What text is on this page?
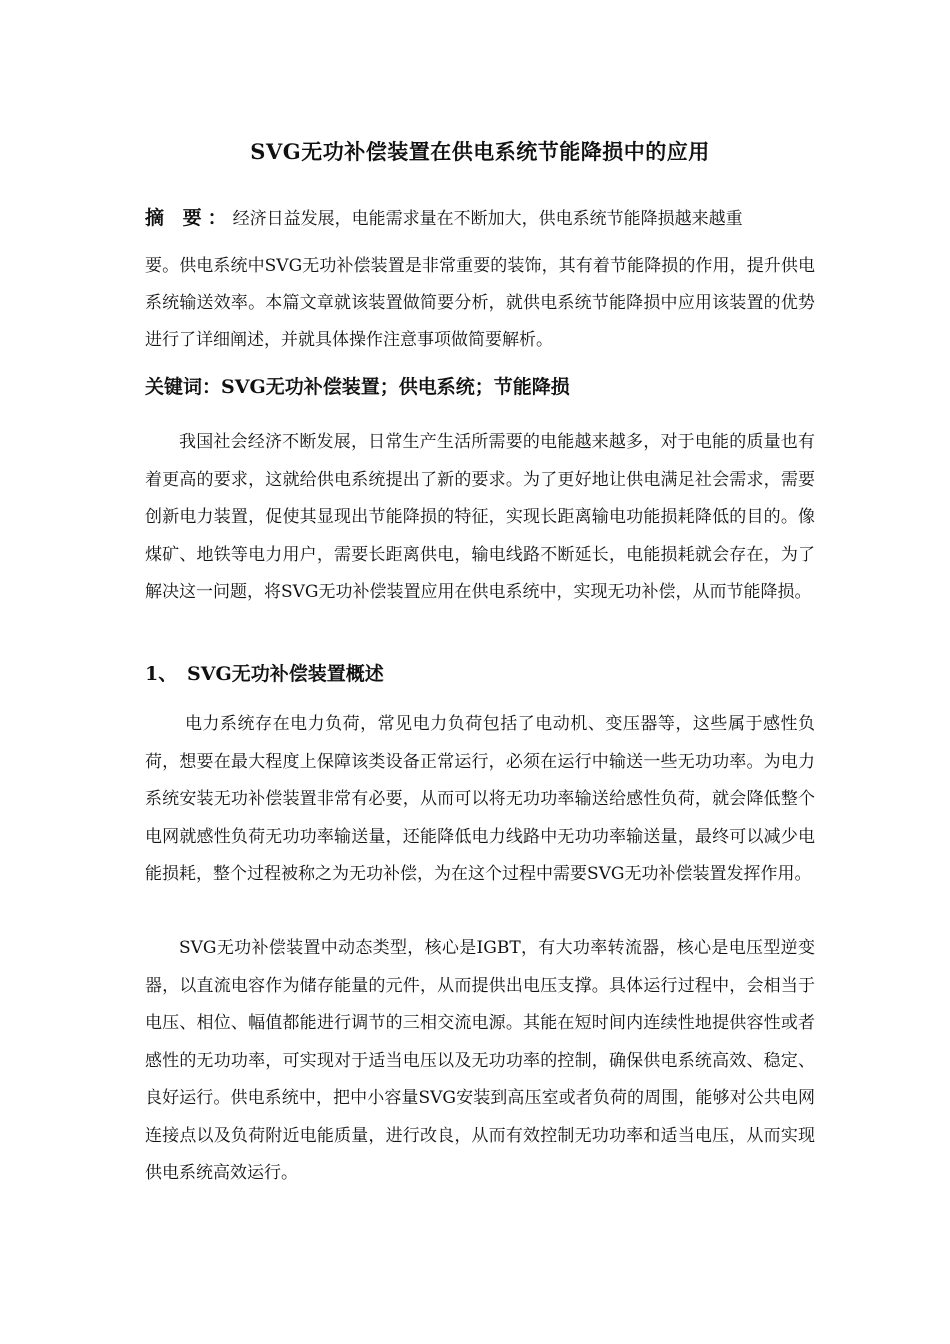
SVG无功补偿装置在供电系统节能降损中的应用
摘 要：经济日益发展，电能需求量在不断加大，供电系统节能降损越来越重
要。供电系统中SVG无功补偿装置是非常重要的装饰，其有着节能降损的作用，提升供电系统输送效率。本篇文章就该装置做简要分析，就供电系统节能降损中应用该装置的优势进行了详细阐述，并就具体操作注意事项做简要解析。
关键词：SVG无功补偿装置；供电系统；节能降损

我国社会经济不断发展，日常生产生活所需要的电能越来越多，对于电能的质量也有着更高的要求，这就给供电系统提出了新的要求。为了更好地让供电满足社会需求，需要创新电力装置，促使其显现出节能降损的特征，实现长距离输电功能损耗降低的目的。像煤矿、地铁等电力用户，需要长距离供电，输电线路不断延长，电能损耗就会存在，为了解决这一问题，将SVG无功补偿装置应用在供电系统中，实现无功补偿，从而节能降损。

1、 SVG无功补偿装置概述

电力系统存在电力负荷，常见电力负荷包括了电动机、变压器等，这些属于感性负荷，想要在最大程度上保障该类设备正常运行，必须在运行中输送一些无功功率。为电力系统安装无功补偿装置非常有必要，从而可以将无功功率输送给感性负荷，就会降低整个电网就感性负荷无功功率输送量，还能降低电力线路中无功功率输送量，最终可以减少电能损耗，整个过程被称之为无功补偿，为在这个过程中需要SVG无功补偿装置发挥作用。

SVG无功补偿装置中动态类型，核心是IGBT，有大功率转流器，核心是电压型逆变器，以直流电容作为储存能量的元件，从而提供出电压支撑。具体运行过程中，会相当于电压、相位、幅值都能进行调节的三相交流电源。其能在短时间内连续性地提供容性或者感性的无功功率，可实现对于适当电压以及无功功率的控制，确保供电系统高效、稳定、良好运行。供电系统中，把中小容量SVG安装到高压室或者负荷的周围，能够对公共电网连接点以及负荷附近电能质量，进行改良，从而有效控制无功功率和适当电压，从而实现供电系统高效运行。
